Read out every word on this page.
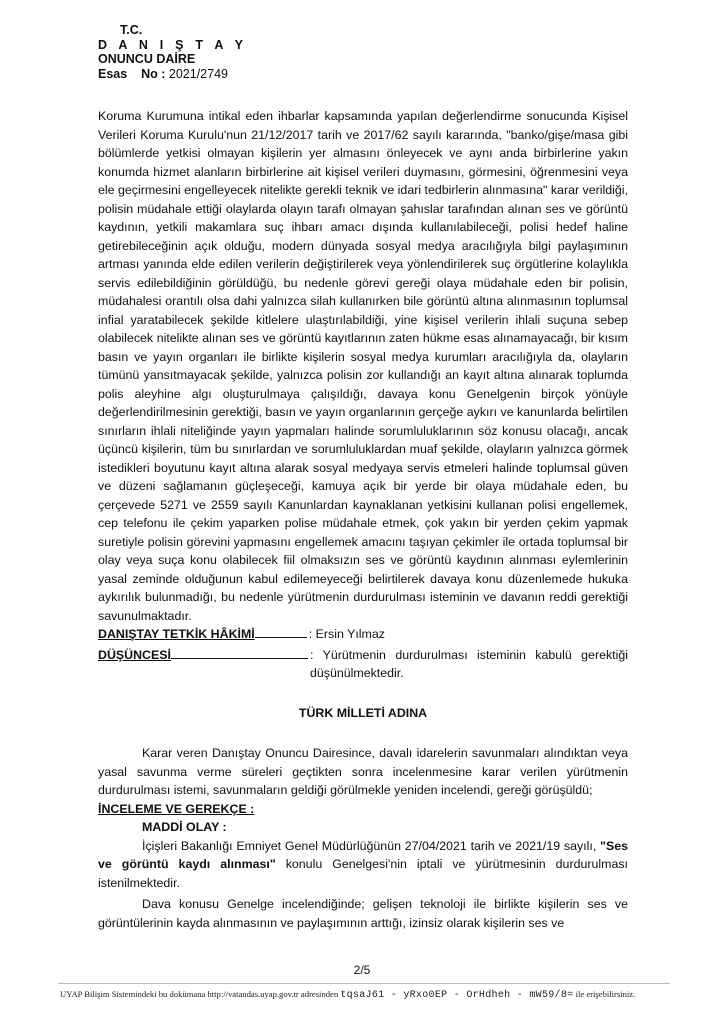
T.C.
D A N I Ş T A Y
ONUNCU DAİRE
Esas No : 2021/2749

Koruma Kurumuna intikal eden ihbarlar kapsamında yapılan değerlendirme sonucunda Kişisel Verileri Koruma Kurulu'nun 21/12/2017 tarih ve 2017/62 sayılı kararında, "banko/gişe/masa gibi bölümlerde yetkisi olmayan kişilerin yer almasını önleyecek ve aynı anda birbirlerine yakın konumda hizmet alanların birbirlerine ait kişisel verileri duymasını, görmesini, öğrenmesini veya ele geçirmesini engelleyecek nitelikte gerekli teknik ve idari tedbirlerin alınmasına" karar verildiği, polisin müdahale ettiği olaylarda olayın tarafı olmayan şahıslar tarafından alınan ses ve görüntü kaydının, yetkili makamlara suç ihbarı amacı dışında kullanılabileceği, polisi hedef haline getirebileceğinin açık olduğu, modern dünyada sosyal medya aracılığıyla bilgi paylaşımının artması yanında elde edilen verilerin değiştirilerek veya yönlendirilerek suç örgütlerine kolaylıkla servis edilebildiğinin görüldüğü, bu nedenle görevi gereği olaya müdahale eden bir polisin, müdahalesi orantılı olsa dahi yalnızca silah kullanırken bile görüntü altına alınmasının toplumsal infial yaratabilecek şekilde kitlelere ulaştırılabildiği, yine kişisel verilerin ihlali suçuna sebep olabilecek nitelikte alınan ses ve görüntü kayıtlarının zaten hükme esas alınamayacağı, bir kısım basın ve yayın organları ile birlikte kişilerin sosyal medya kurumları aracılığıyla da, olayların tümünü yansıtmayacak şekilde, yalnızca polisin zor kullandığı an kayıt altına alınarak toplumda polis aleyhine algı oluşturulmaya çalışıldığı, davaya konu Genelgenin birçok yönüyle değerlendirilmesinin gerektiği, basın ve yayın organlarının gerçeğe aykırı ve kanunlarda belirtilen sınırların ihlali niteliğinde yayın yapmaları halinde sorumluluklarının söz konusu olacağı, ancak üçüncü kişilerin, tüm bu sınırlardan ve sorumluluklardan muaf şekilde, olayların yalnızca görmek istedikleri boyutunu kayıt altına alarak sosyal medyaya servis etmeleri halinde toplumsal güven ve düzeni sağlamanın güçleşeceği, kamuya açık bir yerde bir olaya müdahale eden, bu çerçevede 5271 ve 2559 sayılı Kanunlardan kaynaklanan yetkisini kullanan polisi engellemek, cep telefonu ile çekim yaparken polise müdahale etmek, çok yakın bir yerden çekim yapmak suretiyle polisin görevini yapmasını engellemek amacını taşıyan çekimler ile ortada toplumsal bir olay veya suça konu olabilecek fiil olmaksızın ses ve görüntü kaydının alınması eylemlerinin yasal zeminde olduğunun kabul edilemeyeceği belirtilerek davaya konu düzenlemede hukuka aykırılık bulunmadığı, bu nedenle yürütmenin durdurulması isteminin ve davanın reddi gerektiği savunulmaktadır.

DANIŞTAY TETKİK HÂKİMİ	: Ersin Yılmaz
DÜŞÜNCESİ	: Yürütmenin durdurulması isteminin kabulü gerektiği düşünülmektedir.
TÜRK MİLLETİ ADINA

Karar veren Danıştay Onuncu Dairesince, davalı idarelerin savunmaları alındıktan veya yasal savunma verme süreleri geçtikten sonra incelenmesine karar verilen yürütmenin durdurulması istemi, savunmaların geldiği görülmekle yeniden incelendi, gereği görüşüldü;

İNCELEME VE GEREKÇE :
MADDİ OLAY :

İçişleri Bakanlığı Emniyet Genel Müdürlüğünün 27/04/2021 tarih ve 2021/19 sayılı, "Ses ve görüntü kaydı alınması" konulu Genelgesi'nin iptali ve yürütmesinin durdurulması istenilmektedir.

Dava konusu Genelge incelendiğinde; gelişen teknoloji ile birlikte kişilerin ses ve görüntülerinin kayda alınmasının ve paylaşımının arttığı, izinsiz olarak kişilerin ses ve

2/5
UYAP Bilişim Sistemindeki bu dokümana http://vatandas.uyap.gov.tr adresinden tqsaJ61 - yRxo0EP - OrHdheh - mW59/8= ile erişebilirsiniz.
